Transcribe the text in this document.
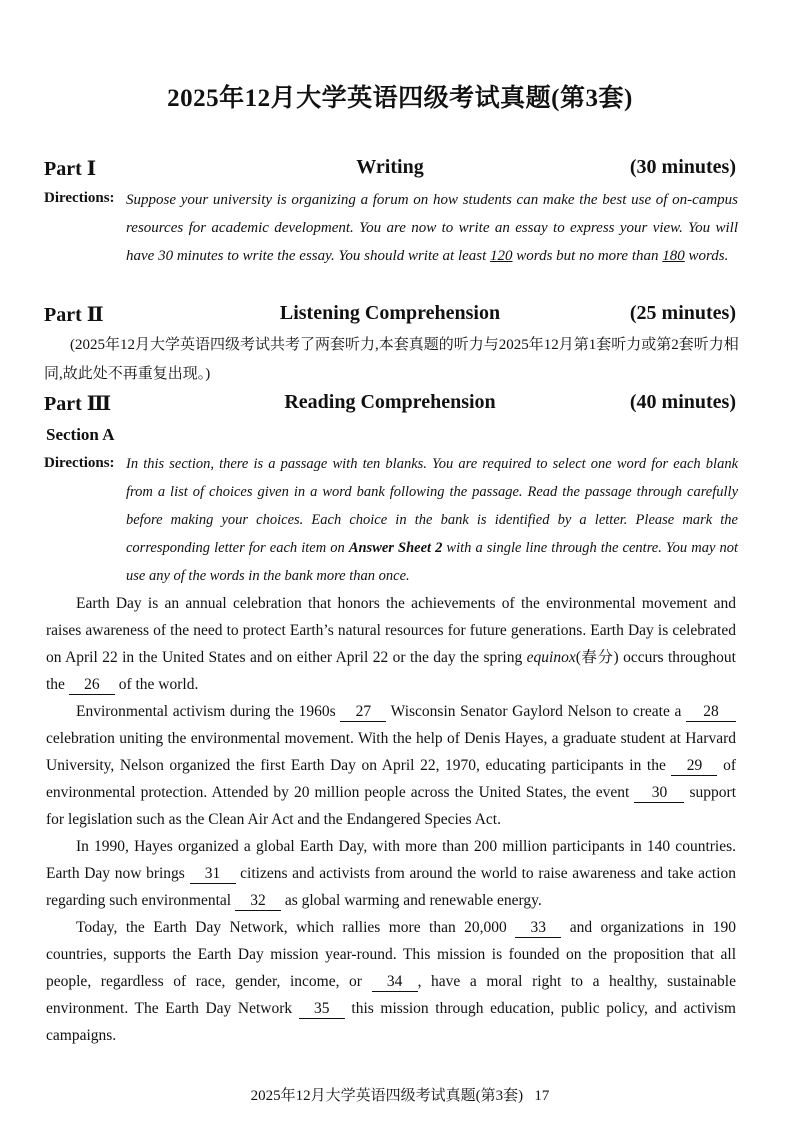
2025年12月大学英语四级考试真题(第3套)
Writing
Part Ⅰ	(30 minutes)
Directions: Suppose your university is organizing a forum on how students can make the best use of on-campus resources for academic development. You are now to write an essay to express your view. You will have 30 minutes to write the essay. You should write at least 120 words but no more than 180 words.
Listening Comprehension
Part Ⅱ	(25 minutes)
(2025年12月大学英语四级考试共考了两套听力,本套真题的听力与2025年12月第1套听力或第2套听力相同,故此处不再重复出现。)
Reading Comprehension
Part Ⅲ	(40 minutes)
Section A
Directions: In this section, there is a passage with ten blanks. You are required to select one word for each blank from a list of choices given in a word bank following the passage. Read the passage through carefully before making your choices. Each choice in the bank is identified by a letter. Please mark the corresponding letter for each item on Answer Sheet 2 with a single line through the centre. You may not use any of the words in the bank more than once.
Earth Day is an annual celebration that honors the achievements of the environmental movement and raises awareness of the need to protect Earth’s natural resources for future generations. Earth Day is celebrated on April 22 in the United States and on either April 22 or the day the spring equinox(春分) occurs throughout the 26 of the world.
Environmental activism during the 1960s 27 Wisconsin Senator Gaylord Nelson to create a 28 celebration uniting the environmental movement. With the help of Denis Hayes, a graduate student at Harvard University, Nelson organized the first Earth Day on April 22, 1970, educating participants in the 29 of environmental protection. Attended by 20 million people across the United States, the event 30 support for legislation such as the Clean Air Act and the Endangered Species Act.
In 1990, Hayes organized a global Earth Day, with more than 200 million participants in 140 countries. Earth Day now brings 31 citizens and activists from around the world to raise awareness and take action regarding such environmental 32 as global warming and renewable energy.
Today, the Earth Day Network, which rallies more than 20,000 33 and organizations in 190 countries, supports the Earth Day mission year-round. This mission is founded on the proposition that all people, regardless of race, gender, income, or 34 , have a moral right to a healthy, sustainable environment. The Earth Day Network 35 this mission through education, public policy, and activism campaigns.
2025年12月大学英语四级考试真题(第3套) 17
